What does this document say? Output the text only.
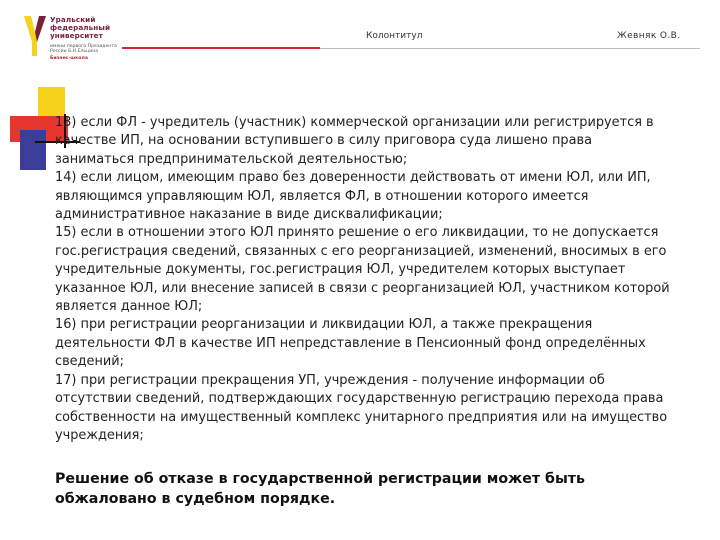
Уральский
федеральный
университет
имени первого Президента
России Б.Н.Ельцина
Бизнес-школа
Колонтитул	Жевняк О.В.
13) если ФЛ - учредитель (участник) коммерческой организации или регистрируется в качестве ИП, на основании вступившего в силу приговора суда лишено права заниматься предпринимательской деятельностью;
14) если лицом, имеющим право без доверенности действовать от имени ЮЛ, или ИП, являющимся управляющим ЮЛ, является ФЛ, в отношении которого имеется административное наказание в виде дисквалификации;
15) если в отношении этого ЮЛ принято решение о его ликвидации, то не допускается гос.регистрация сведений, связанных с его реорганизацией, изменений, вносимых в его учредительные документы, гос.регистрация ЮЛ, учредителем которых выступает указанное ЮЛ, или внесение записей в связи с реорганизацией ЮЛ, участником которой является данное ЮЛ;
16) при регистрации реорганизации и ликвидации ЮЛ, а также прекращения деятельности ФЛ в качестве ИП непредставление в Пенсионный фонд определённых сведений;
17) при регистрации прекращения УП, учреждения - получение информации об отсутствии сведений, подтверждающих государственную регистрацию перехода права собственности на имущественный комплекс унитарного предприятия или на имущество учреждения;
Решение об отказе в государственной регистрации может быть обжаловано в судебном порядке.
